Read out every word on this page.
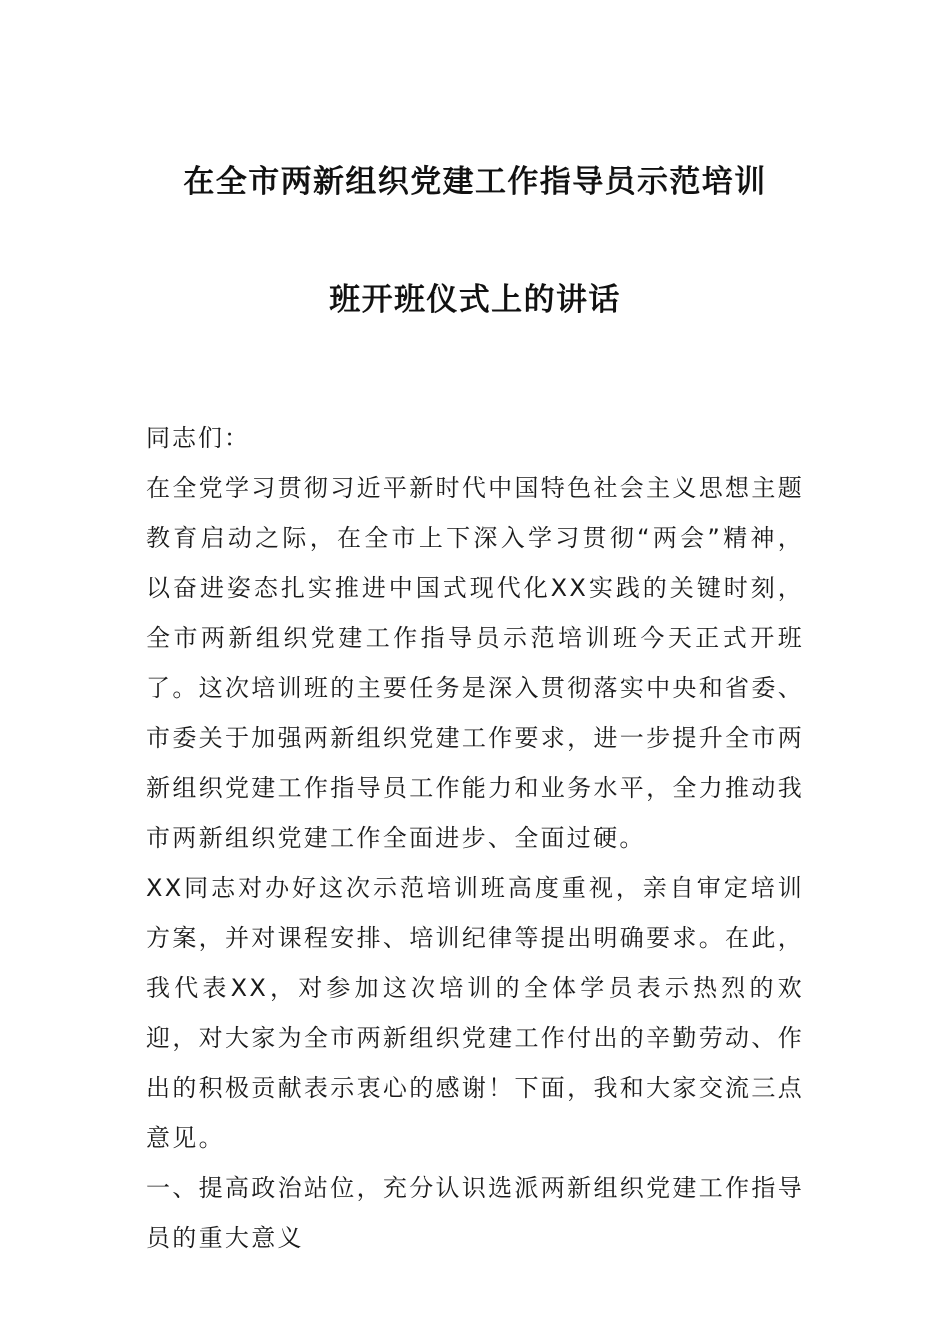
在全市两新组织党建工作指导员示范培训
班开班仪式上的讲话

同志们：

在全党学习贯彻习近平新时代中国特色社会主义思想主题教育启动之际，在全市上下深入学习贯彻“两会”精神，以奋进姿态扎实推进中国式现代化XX实践的关键时刻，全市两新组织党建工作指导员示范培训班今天正式开班了。这次培训班的主要任务是深入贯彻落实中央和省委、市委关于加强两新组织党建工作要求，进一步提升全市两新组织党建工作指导员工作能力和业务水平，全力推动我市两新组织党建工作全面进步、全面过硬。

XX同志对办好这次示范培训班高度重视，亲自审定培训方案，并对课程安排、培训纪律等提出明确要求。在此，我代表XX，对参加这次培训的全体学员表示热烈的欢迎，对大家为全市两新组织党建工作付出的辛勤劳动、作出的积极贡献表示衷心的感谢！下面，我和大家交流三点意见。

一、提高政治站位，充分认识选派两新组织党建工作指导员的重大意义
